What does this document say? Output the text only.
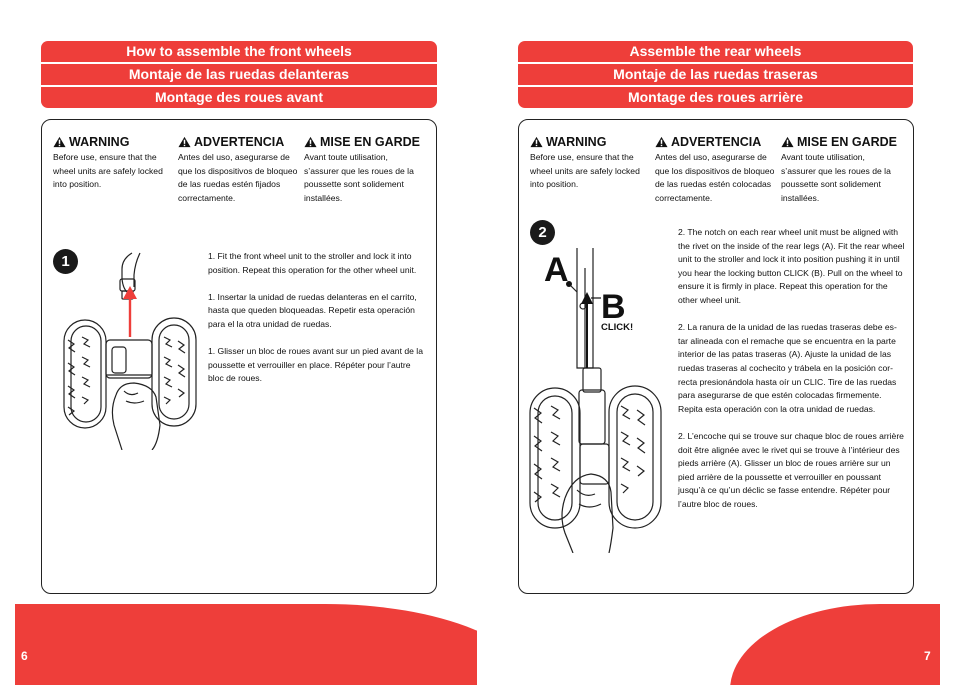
How to assemble the front wheels
Montaje de las ruedas delanteras
Montage des roues avant
WARNING
Before use, ensure that the wheel units are safely locked into position.
ADVERTENCIA
Antes del uso, asegurarse de que los dispositivos de bloqueo de las ruedas estén fijados correctamente.
MISE EN GARDE
Avant toute utilisation, s’assurer que les roues de la poussette sont solidement installées.
1	1. Fit the front wheel unit to the stroller and lock it into position. Repeat this operation for the other wheel unit.

1. Insertar la unidad de ruedas delanteras en el carrito, hasta que queden bloqueadas. Repetir esta operación para el la otra unidad de ruedas.

1. Glisser un bloc de roues avant sur un pied avant de la poussette et verrouiller en place. Répéter pour l’autre bloc de roues.

6
Assemble the rear wheels
Montaje de las ruedas traseras
Montage des roues arrière
WARNING
Before use, ensure that the wheel units are safely locked into position.
ADVERTENCIA
Antes del uso, asegurarse de que los dispositivos de bloqueo de las ruedas estén colocadas correctamente.
MISE EN GARDE
Avant toute utilisation, s’assurer que les roues de la poussette sont solidement installées.
2
A
B
CLICK!

2. The notch on each rear wheel unit must be aligned with the rivet on the inside of the rear legs (A). Fit the rear wheel unit to the stroller and lock it into position pushing it in until you hear the locking button CLICK (B). Pull on the wheel to ensure it is firmly in place. Repeat this operation for the other wheel unit.

2. La ranura de la unidad de las ruedas traseras debe es-tar alineada con el remache que se encuentra en la parte interior de las patas traseras (A). Ajuste la unidad de las ruedas traseras al cochecito y trábela en la posición cor-recta presionándola hasta oír un CLIC. Tire de las ruedas para asegurarse de que estén colocadas firmemente. Repita esta operación con la otra unidad de ruedas.

2. L’encoche qui se trouve sur chaque bloc de roues arrière doit être alignée avec le rivet qui se trouve à l’intérieur des pieds arrière (A). Glisser un bloc de roues arrière sur un pied arrière de la poussette et verrouiller en poussant jusqu’à ce qu’un déclic se fasse entendre. Répéter pour l’autre bloc de roues.

7
